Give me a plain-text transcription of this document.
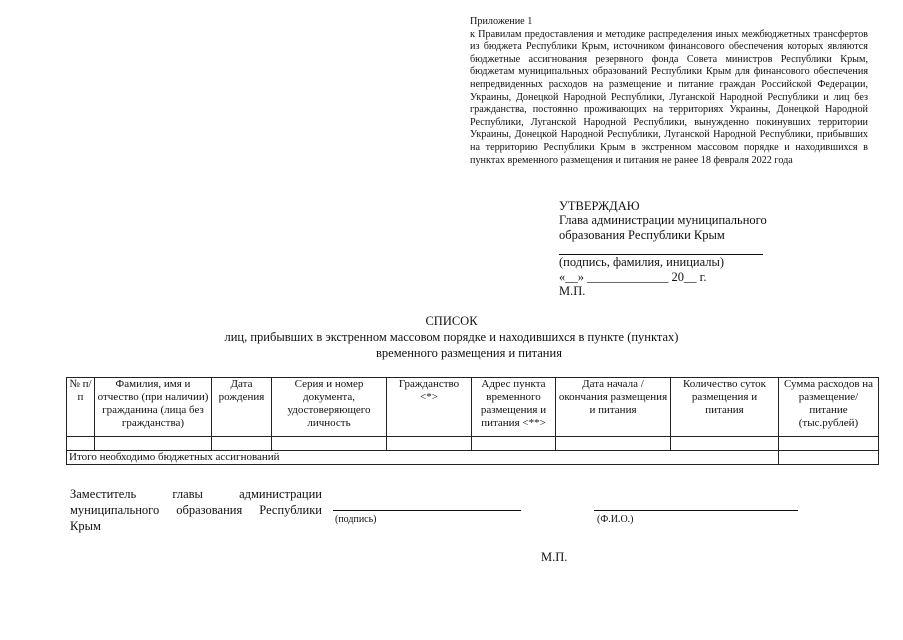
Приложение 1
к Правилам предоставления и методике распределения иных межбюджетных трансфертов из бюджета Республики Крым, источником финансового обеспечения которых являются бюджетные ассигнования резервного фонда Совета министров Республики Крым, бюджетам муниципальных образований Республики Крым для финансового обеспечения непредвиденных расходов на размещение и питание граждан Российской Федерации, Украины, Донецкой Народной Республики, Луганской Народной Республики и лиц без гражданства, постоянно проживающих на территориях Украины, Донецкой Народной Республики, Луганской Народной Республики, вынужденно покинувших территории Украины, Донецкой Народной Республики, Луганской Народной Республики, прибывших на территорию Республики Крым в экстренном массовом порядке и находившихся в пунктах временного размещения и питания не ранее 18 февраля 2022 года
УТВЕРЖДАЮ
Глава администрации муниципального
образования Республики Крым
(подпись, фамилия, инициалы)
«__» _____________ 20__ г.
М.П.
СПИСОК
лиц, прибывших в экстренном массовом порядке и находившихся в пункте (пунктах)
временного размещения и питания
№ п/п	Фамилия, имя и отчество (при наличии) гражданина (лица без гражданства)	Дата рождения	Серия и номер документа, удостоверяющего личность	Гражданство <*>	Адрес пункта временного размещения и питания <**>	Дата начала /окончания размещения и питания	Количество суток размещения и питания	Сумма расходов на размещение/ питание (тыс.рублей)

Итого необходимо бюджетных ассигнований								
Заместитель главы администрации муниципального образования Республики Крым	(подпись)	(Ф.И.О.)
М.П.
